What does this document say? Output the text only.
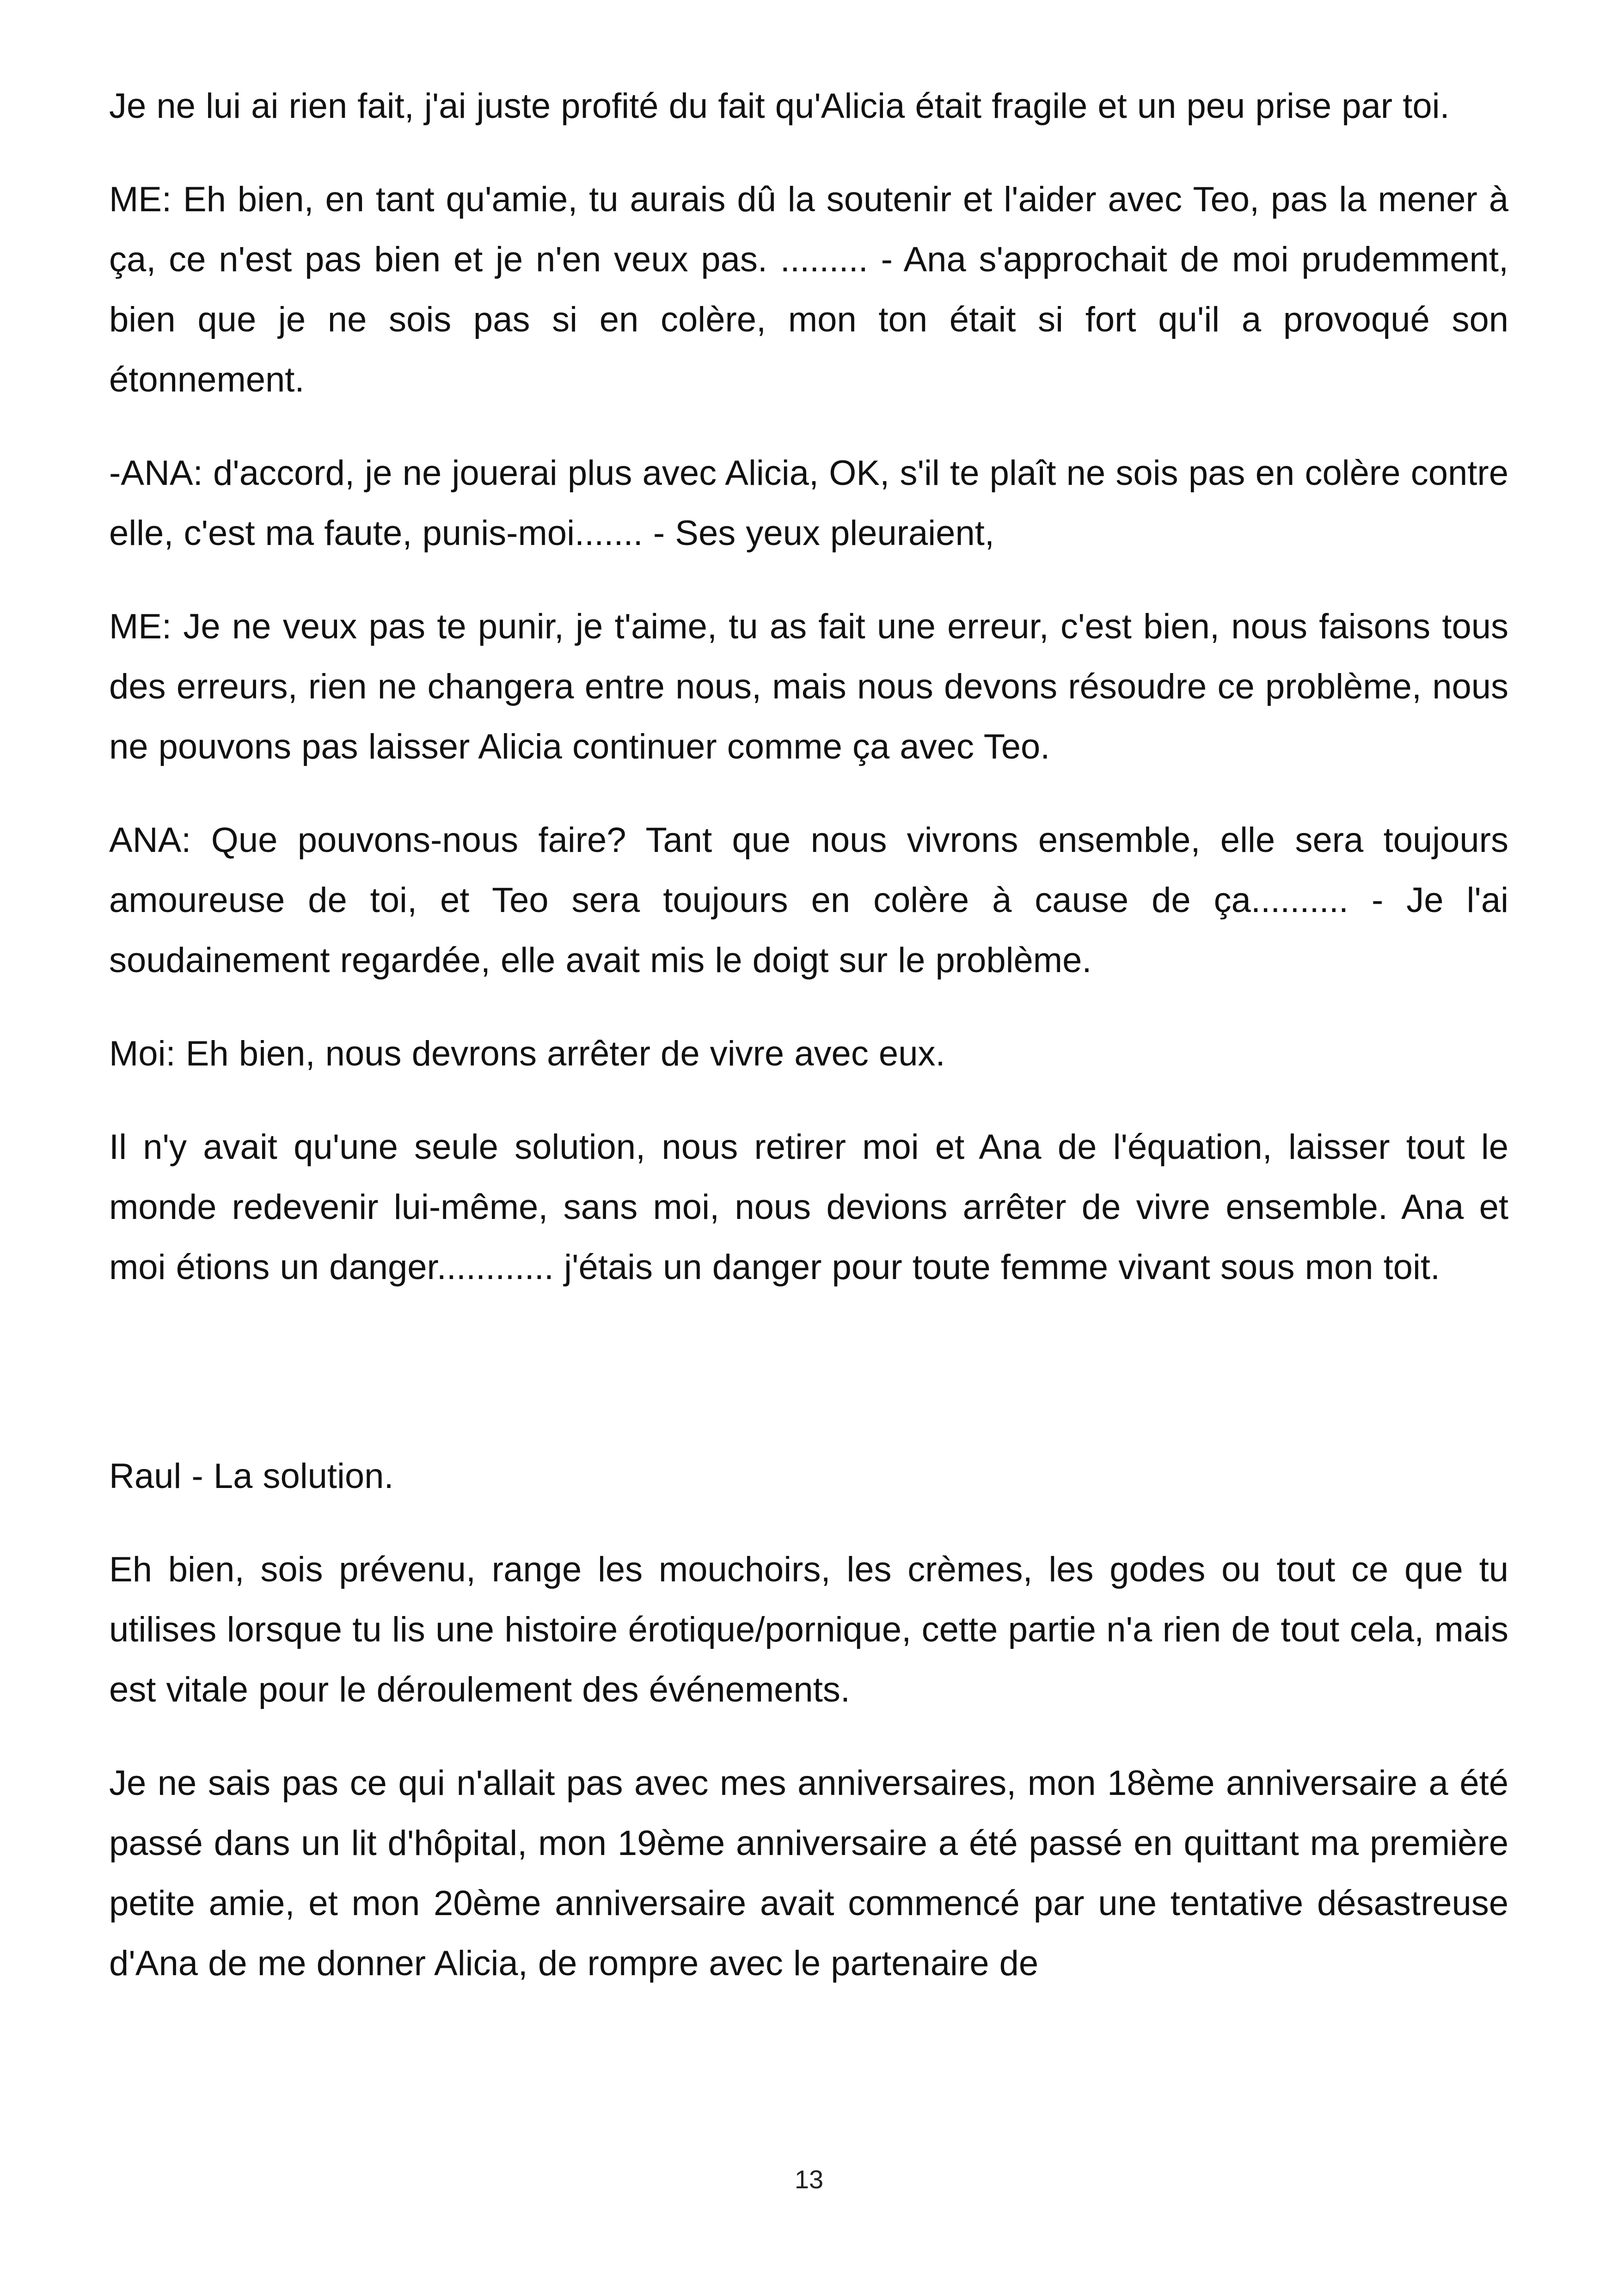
Je ne lui ai rien fait, j'ai juste profité du fait qu'Alicia était fragile et un peu prise par toi.

ME: Eh bien, en tant qu'amie, tu aurais dû la soutenir et l'aider avec Teo, pas la mener à ça, ce n'est pas bien et je n'en veux pas. ......... - Ana s'approchait de moi prudemment, bien que je ne sois pas si en colère, mon ton était si fort qu'il a provoqué son étonnement.

-ANA: d'accord, je ne jouerai plus avec Alicia, OK, s'il te plaît ne sois pas en colère contre elle, c'est ma faute, punis-moi....... - Ses yeux pleuraient,

ME: Je ne veux pas te punir, je t'aime, tu as fait une erreur, c'est bien, nous faisons tous des erreurs, rien ne changera entre nous, mais nous devons résoudre ce problème, nous ne pouvons pas laisser Alicia continuer comme ça avec Teo.

ANA: Que pouvons-nous faire? Tant que nous vivrons ensemble, elle sera toujours amoureuse de toi, et Teo sera toujours en colère à cause de ça.......... - Je l'ai soudainement regardée, elle avait mis le doigt sur le problème.

Moi: Eh bien, nous devrons arrêter de vivre avec eux.

Il n'y avait qu'une seule solution, nous retirer moi et Ana de l'équation, laisser tout le monde redevenir lui-même, sans moi, nous devions arrêter de vivre ensemble. Ana et moi étions un danger............ j'étais un danger pour toute femme vivant sous mon toit.

Raul - La solution.

Eh bien, sois prévenu, range les mouchoirs, les crèmes, les godes ou tout ce que tu utilises lorsque tu lis une histoire érotique/pornique, cette partie n'a rien de tout cela, mais est vitale pour le déroulement des événements.

Je ne sais pas ce qui n'allait pas avec mes anniversaires, mon 18ème anniversaire a été passé dans un lit d'hôpital, mon 19ème anniversaire a été passé en quittant ma première petite amie, et mon 20ème anniversaire avait commencé par une tentative désastreuse d'Ana de me donner Alicia, de rompre avec le partenaire de

13
